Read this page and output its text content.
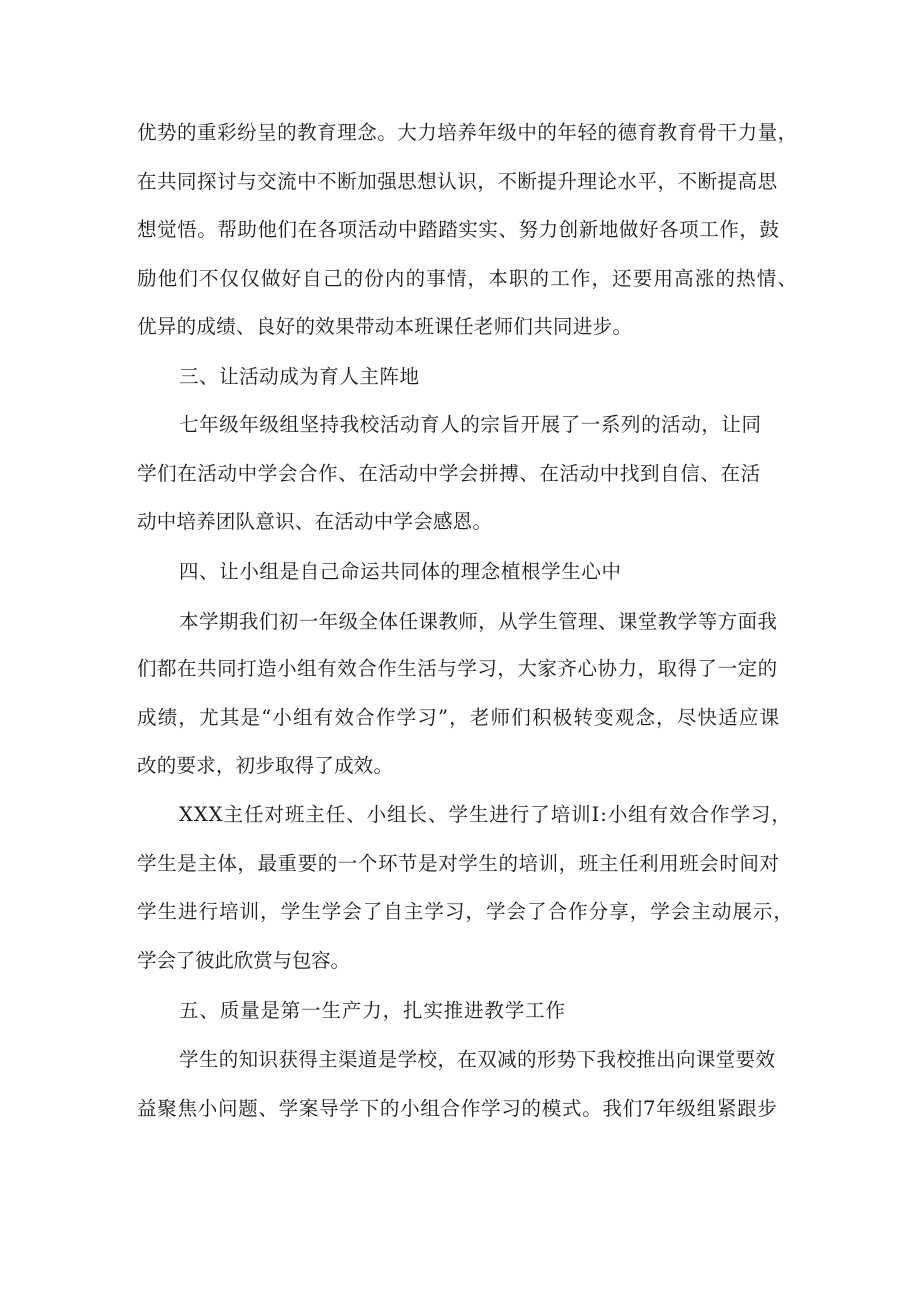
优势的重彩纷呈的教育理念。大力培养年级中的年轻的德育教育骨干力量，
在共同探讨与交流中不断加强思想认识，不断提升理论水平，不断提高思
想觉悟。帮助他们在各项活动中踏踏实实、努力创新地做好各项工作，鼓
励他们不仅仅做好自己的份内的事情，本职的工作，还要用高涨的热情、
优异的成绩、良好的效果带动本班课任老师们共同进步。
三、让活动成为育人主阵地
七年级年级组坚持我校活动育人的宗旨开展了一系列的活动，让同
学们在活动中学会合作、在活动中学会拼搏、在活动中找到自信、在活
动中培养团队意识、在活动中学会感恩。
四、让小组是自己命运共同体的理念植根学生心中
本学期我们初一年级全体任课教师，从学生管理、课堂教学等方面我
们都在共同打造小组有效合作生活与学习，大家齐心协力，取得了一定的
成绩，尤其是“小组有效合作学习”，老师们积极转变观念，尽快适应课
改的要求，初步取得了成效。
XXX主任对班主任、小组长、学生进行了培训I:小组有效合作学习，
学生是主体，最重要的一个环节是对学生的培训，班主任利用班会时间对
学生进行培训，学生学会了自主学习，学会了合作分享，学会主动展示，
学会了彼此欣赏与包容。
五、质量是第一生产力，扎实推进教学工作
学生的知识获得主渠道是学校，在双减的形势下我校推出向课堂要效
益聚焦小问题、学案导学下的小组合作学习的模式。我们7年级组紧跟步
